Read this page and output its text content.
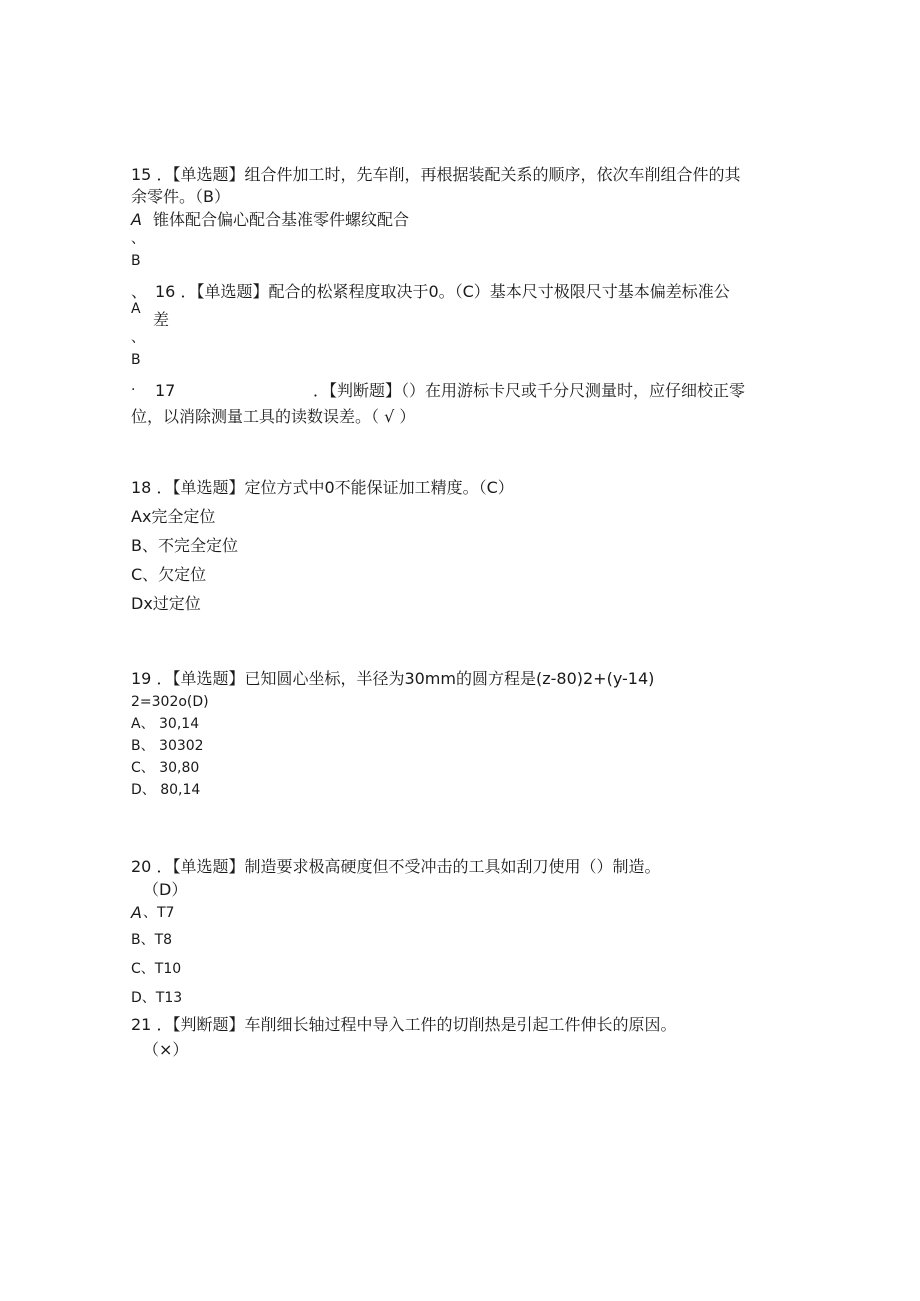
15 ．【单选题】组合件加工时，先车削，再根据装配关系的顺序，依次车削组合件的其
余零件。（B）
A 锥体配合偏心配合基准零件螺纹配合
、
B
、 16 ．【单选题】配合的松紧程度取决于0。（C）基本尺寸极限尺寸基本偏差标准公
A
差
、
B
· 17	．【判断题】（）在用游标卡尺或千分尺测量时，应仔细校正零
位，以消除测量工具的读数误差。（ √ ）
18 ．【单选题】定位方式中0不能保证加工精度。（C）
Ax完全定位
B、不完全定位
C、欠定位
Dx过定位
19 ．【单选题】已知圆心坐标，半径为30mm的圆方程是(z-80)2+(y-14)
2=302o(D)
A、 30,14
B、 30302
C、 30,80
D、 80,14
20 ．【单选题】制造要求极高硬度但不受冲击的工具如刮刀使用（）制造。
（D）
A 、T7
B、T8
C、T10
D、T13
21 ．【判断题】车削细长轴过程中导入工件的切削热是引起工件伸长的原因。
（×）
